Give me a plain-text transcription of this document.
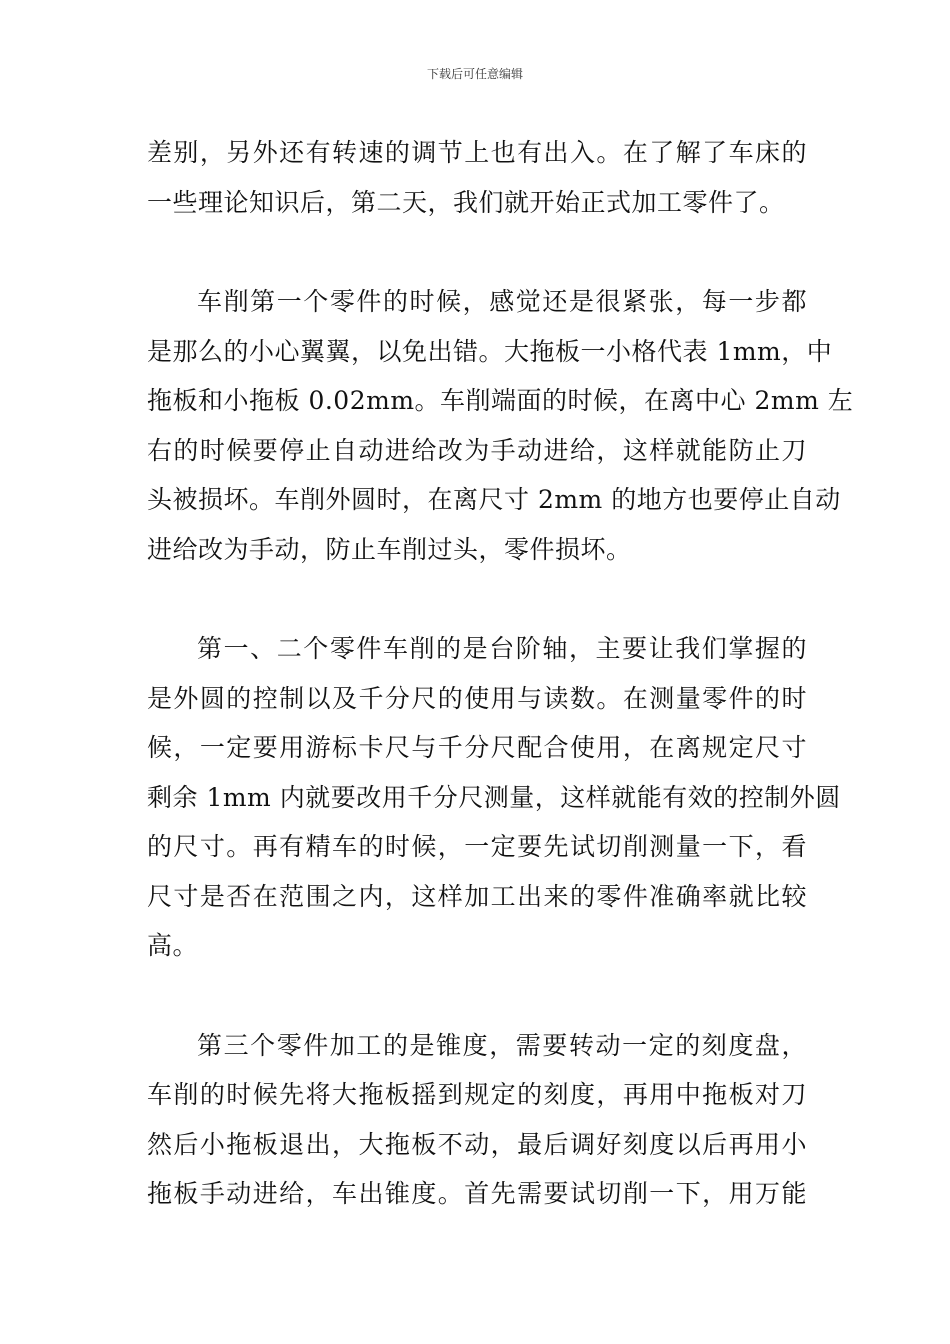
下载后可任意编辑
差别，另外还有转速的调节上也有出入。在了解了车床的
一些理论知识后，第二天，我们就开始正式加工零件了。
车削第一个零件的时候，感觉还是很紧张，每一步都
是那么的小心翼翼，以免出错。大拖板一小格代表 1mm，中
拖板和小拖板 0.02mm。车削端面的时候，在离中心 2mm 左
右的时候要停止自动进给改为手动进给，这样就能防止刀
头被损坏。车削外圆时，在离尺寸 2mm 的地方也要停止自动
进给改为手动，防止车削过头，零件损坏。
第一、二个零件车削的是台阶轴，主要让我们掌握的
是外圆的控制以及千分尺的使用与读数。在测量零件的时
候，一定要用游标卡尺与千分尺配合使用，在离规定尺寸
剩余 1mm 内就要改用千分尺测量，这样就能有效的控制外圆
的尺寸。再有精车的时候，一定要先试切削测量一下，看
尺寸是否在范围之内，这样加工出来的零件准确率就比较
高。
第三个零件加工的是锥度，需要转动一定的刻度盘，
车削的时候先将大拖板摇到规定的刻度，再用中拖板对刀
然后小拖板退出，大拖板不动，最后调好刻度以后再用小
拖板手动进给，车出锥度。首先需要试切削一下，用万能
